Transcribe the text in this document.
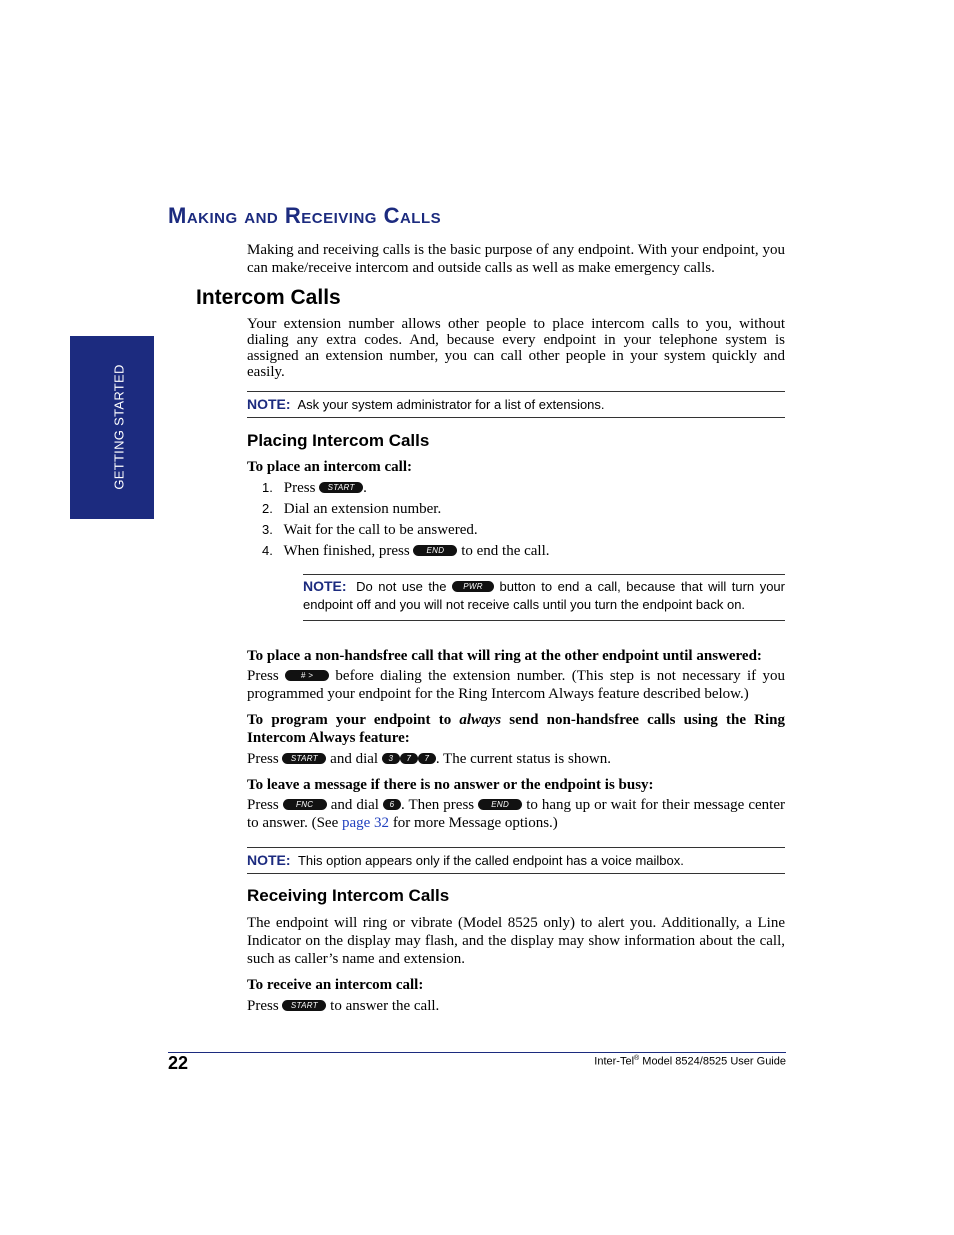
GETTING STARTED
Making and Receiving Calls

Making and receiving calls is the basic purpose of any endpoint. With your endpoint, you can make/receive intercom and outside calls as well as make emergency calls.

Intercom Calls

Your extension number allows other people to place intercom calls to you, without dialing any extra codes. And, because every endpoint in your telephone system is assigned an extension number, you can call other people in your system quickly and easily.

NOTE: Ask your system administrator for a list of extensions.
Placing Intercom Calls
To place an intercom call:
1. Press START .
2. Dial an extension number.
3. Wait for the call to be answered.
4. When finished, press END to end the call.
NOTE: Do not use the PWR button to end a call, because that will turn your endpoint off and you will not receive calls until you turn the endpoint back on.
To place a non-handsfree call that will ring at the other endpoint until answered:

Press	# > before dialing the extension number. (This step is not necessary if you programmed your endpoint for the Ring Intercom Always feature described below.)

To program your endpoint to always send non-handsfree calls using the Ring Intercom Always feature:

Press START and dial 3 7 7 . The current status is shown.

To leave a message if there is no answer or the endpoint is busy:

Press FNC and dial 6 . Then press END to hang up or wait for their message center to answer. (See page 32 for more Message options.)

NOTE: This option appears only if the called endpoint has a voice mailbox.
Receiving Intercom Calls

The endpoint will ring or vibrate (Model 8525 only) to alert you. Additionally, a Line Indicator on the display may flash, and the display may show information about the call, such as caller’s name and extension.

To receive an intercom call:

Press START to answer the call.

22	Inter-Tel® Model 8524/8525 User Guide
